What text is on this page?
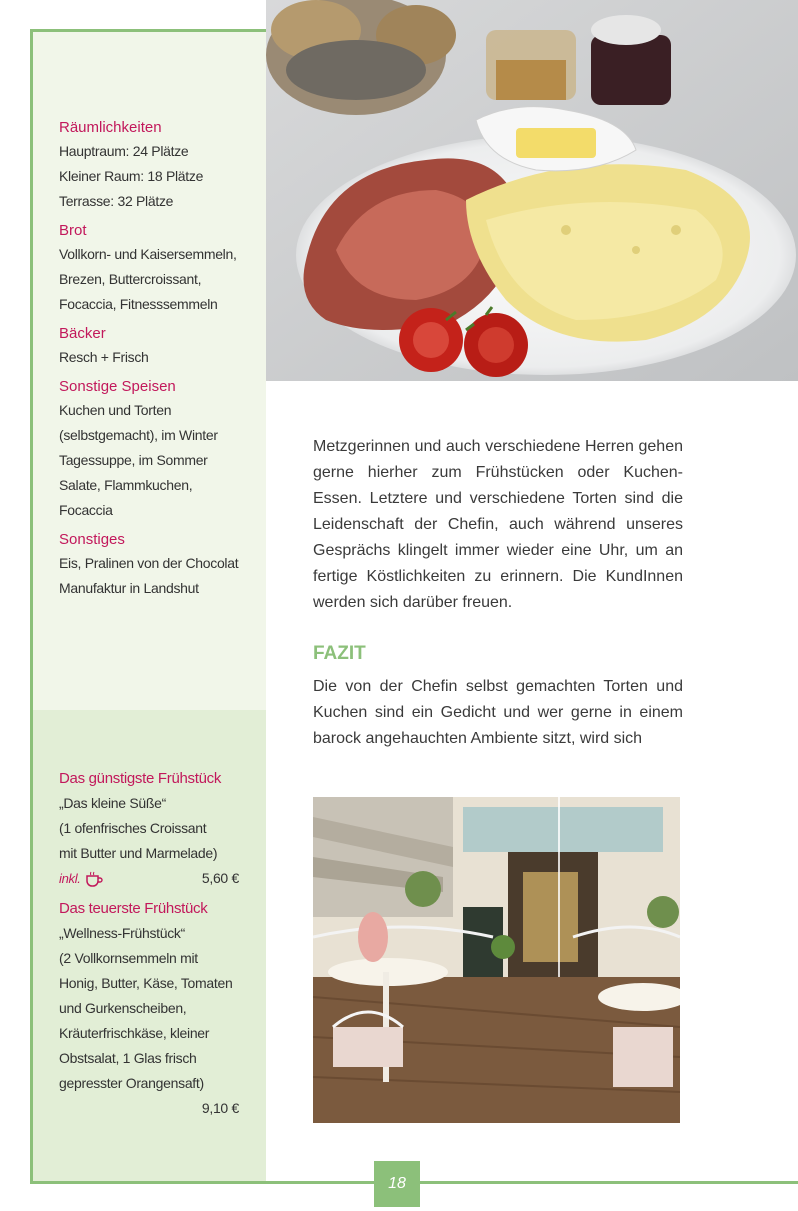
Räumlichkeiten

Hauptraum: 24 Plätze
Kleiner Raum: 18 Plätze
Terrasse: 32 Plätze

Brot

Vollkorn- und Kaisersemmeln,
Brezen, Buttercroissant,
Focaccia, Fitnesssemmeln

Bäcker

Resch + Frisch

Sonstige Speisen

Kuchen und Torten
(selbstgemacht), im Winter
Tagessuppe, im Sommer
Salate, Flammkuchen,
Focaccia

Sonstiges

Eis, Pralinen von der Chocolat
Manufaktur in Landshut

Das günstigste Frühstück
„Das kleine Süße“
(1 ofenfrisches Croissant
mit Butter und Marmelade)
inkl.	5,60 €
Das teuerste Frühstück
„Wellness-Frühstück“
(2 Vollkornsemmeln mit
Honig, Butter, Käse, Tomaten
und Gurkenscheiben,
Kräuterfrischkäse, kleiner
Obstsalat, 1 Glas frisch
gepresster Orangensaft)
9,10 €

Metzgerinnen und auch verschiedene Herren gehen gerne hierher zum Frühstücken oder Kuchen-Essen. Letztere und verschiedene Torten sind die Leidenschaft der Chefin, auch während unseres Gesprächs klingelt immer wieder eine Uhr, um an fertige Köstlichkeiten zu erinnern. Die KundInnen werden sich darüber freuen.

FAZIT
Die von der Chefin selbst gemachten Torten und Kuchen sind ein Gedicht und wer gerne in einem barock angehauchten Ambiente sitzt, wird sich
18
